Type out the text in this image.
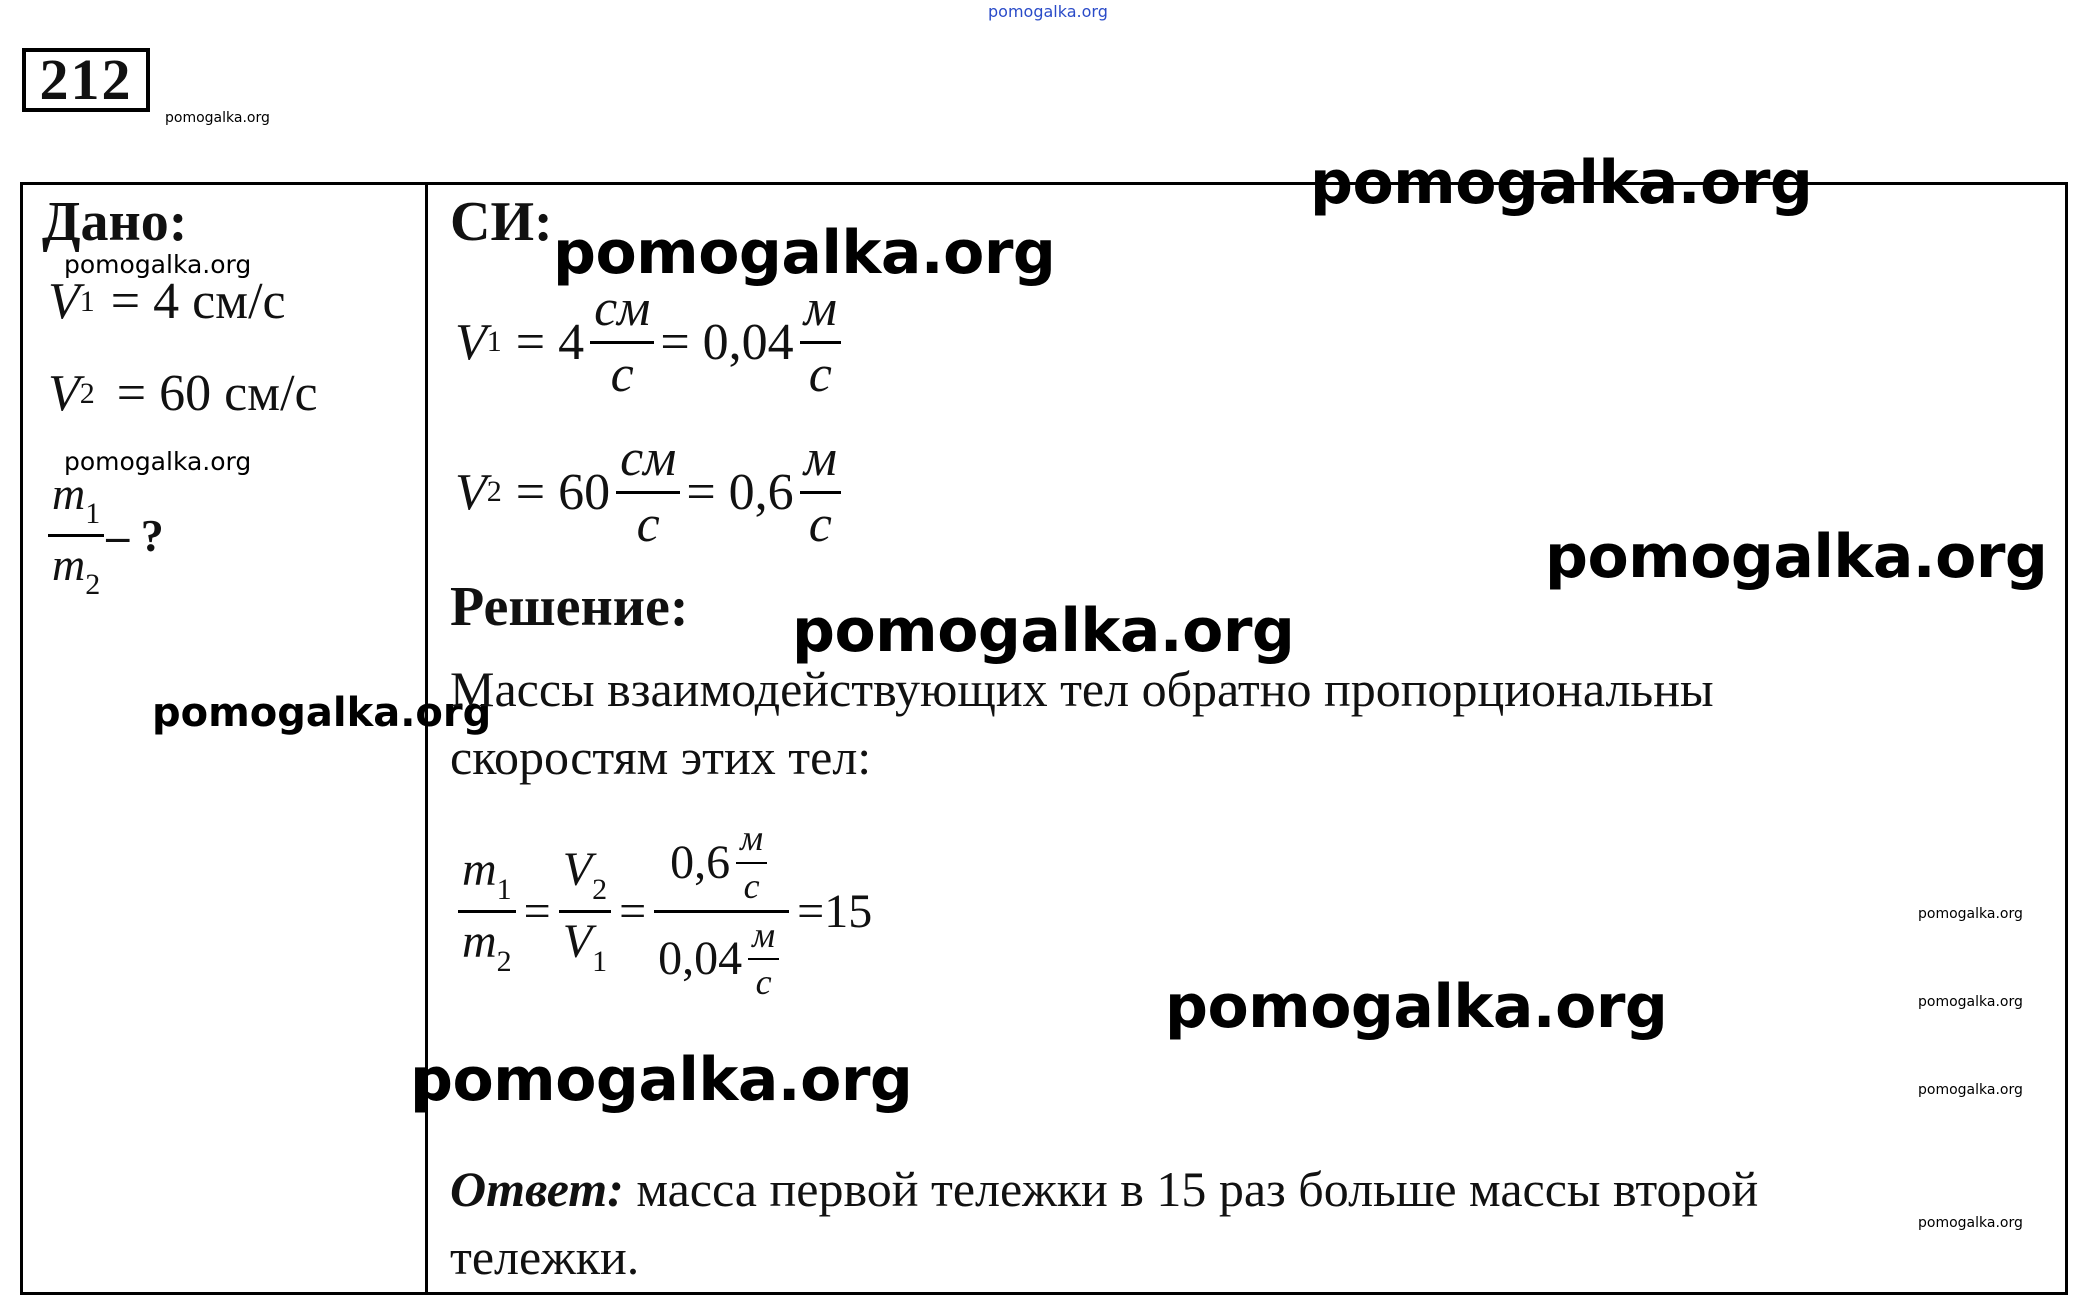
pomogalka.org
212
pomogalka.org
Дано:
pomogalka.org
V 1 = 4 см/с
V 2 = 60 см/с
pomogalka.org
$\frac{m_1}{m_2}$ – ?
pomogalka.org
СИ:
V $1 = 4 \frac{см}{с} = 0,04 \frac{м}{с}$
V $2 = 60 \frac{см}{с} = 0,6 \frac{м}{с}$
Решение:
Массы взаимодействующих тел обратно пропорциональны
скоростям этих тел:
$\frac{m_1}{m_2} = \frac{V_2}{V_1} = \frac{0,6 \frac{м}{с}}{0,04 \frac{м}{с}} =15$
Ответ: масса первой тележки в 15 раз больше массы второй
тележки.
pomogalka.org
pomogalka.org
pomogalka.org
pomogalka.org
pomogalka.org
pomogalka.org
pomogalka.org
pomogalka.org
pomogalka.org
pomogalka.org
